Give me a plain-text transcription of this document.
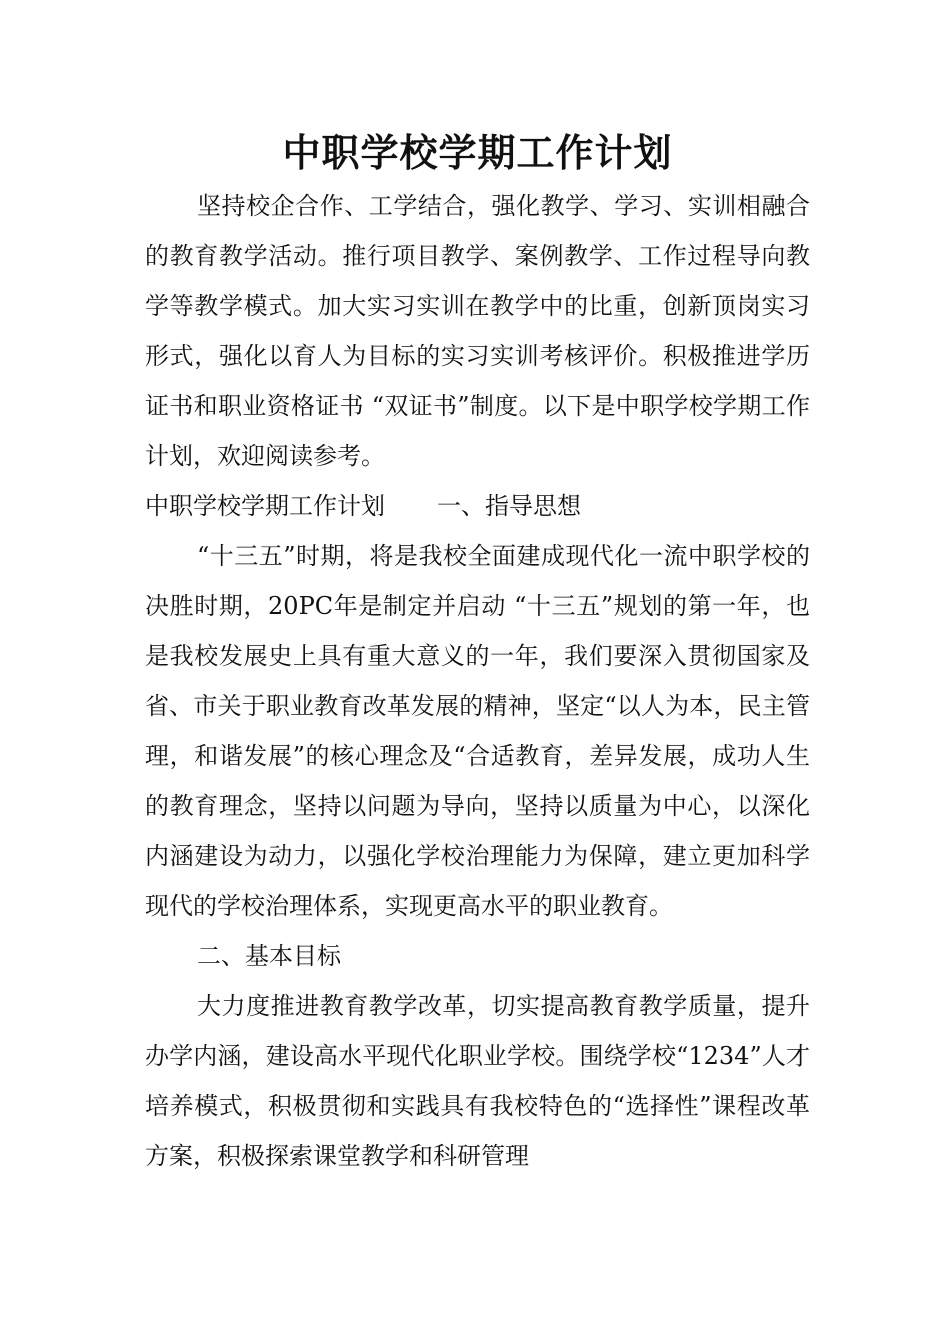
中职学校学期工作计划

坚持校企合作、工学结合，强化教学、学习、实训相融合的教育教学活动。推行项目教学、案例教学、工作过程导向教学等教学模式。加大实习实训在教学中的比重，创新顶岗实习形式，强化以育人为目标的实习实训考核评价。积极推进学历证书和职业资格证书 “双证书”制度。以下是中职学校学期工作计划，欢迎阅读参考。

中职学校学期工作计划 一、指导思想

“十三五”时期，将是我校全面建成现代化一流中职学校的决胜时期，20PC年是制定并启动 “十三五”规划的第一年，也是我校发展史上具有重大意义的一年，我们要深入贯彻国家及省、市关于职业教育改革发展的精神，坚定“以人为本，民主管理，和谐发展”的核心理念及“合适教育，差异发展，成功人生的教育理念，坚持以问题为导向，坚持以质量为中心，以深化内涵建设为动力，以强化学校治理能力为保障，建立更加科学现代的学校治理体系，实现更高水平的职业教育。

二、基本目标

大力度推进教育教学改革，切实提高教育教学质量，提升办学内涵，建设高水平现代化职业学校。围绕学校“1234”人才培养模式，积极贯彻和实践具有我校特色的“选择性”课程改革方案，积极探索课堂教学和科研管理
